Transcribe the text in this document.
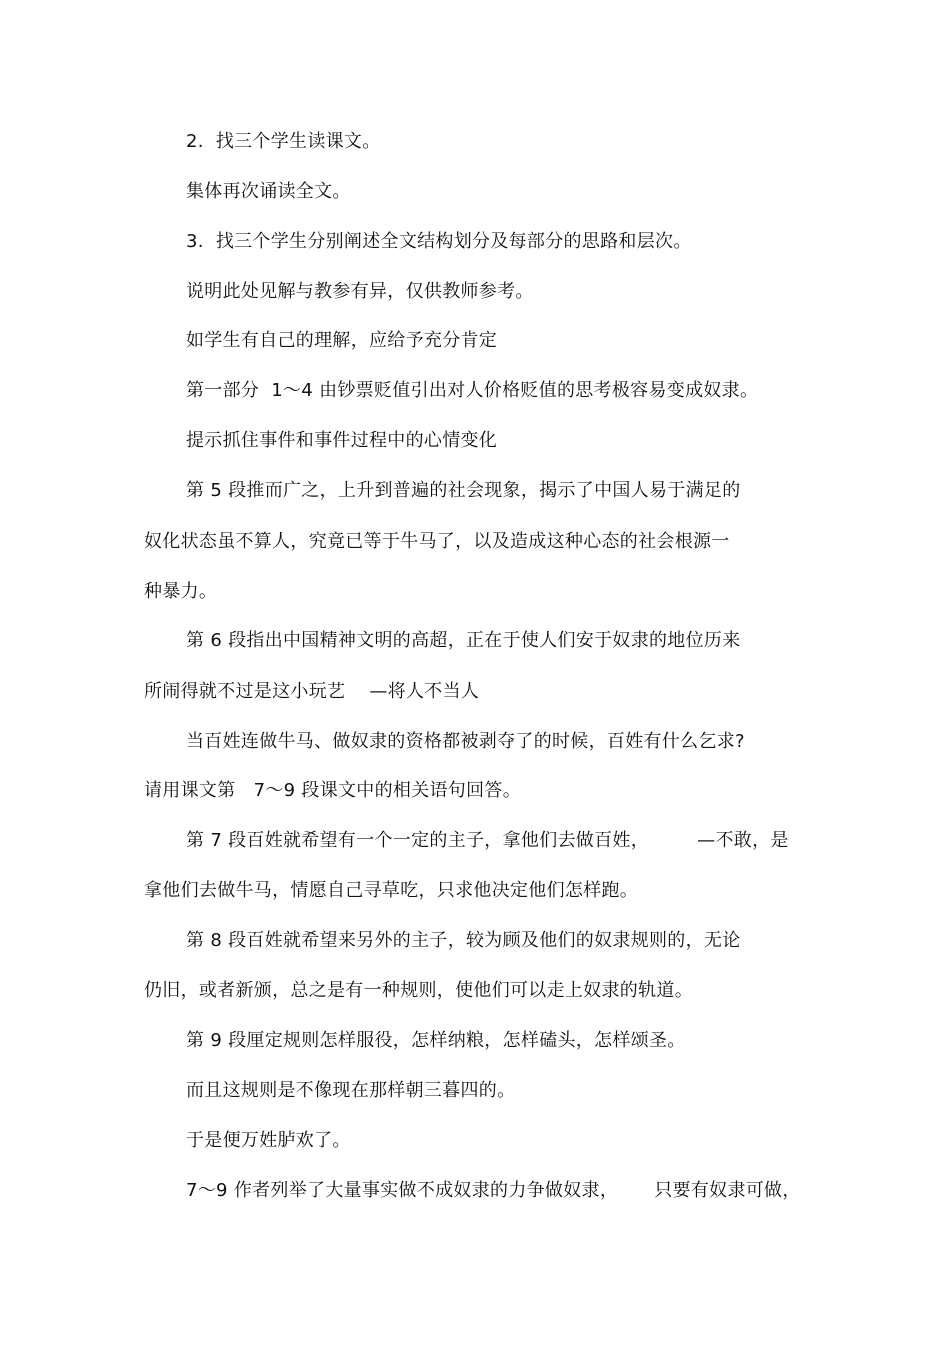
2.  找三个学生读课文。
集体再次诵读全文。
3.  找三个学生分别阐述全文结构划分及每部分的思路和层次。
说明此处见解与教参有异，仅供教师参考。
如学生有自己的理解，应给予充分肯定
第一部分  1～4 由钞票贬值引出对人价格贬值的思考极容易变成奴隶。
提示抓住事件和事件过程中的心情变化
第 5 段推而广之，上升到普遍的社会现象，揭示了中国人易于满足的
奴化状态虽不算人，究竟已等于牛马了，以及造成这种心态的社会根源一
种暴力。
第 6 段指出中国精神文明的高超，正在于使人们安于奴隶的地位历来
所闹得就不过是这小玩艺    —将人不当人
当百姓连做牛马、做奴隶的资格都被剥夺了的时候，百姓有什么乞求?
请用课文第   7～9 段课文中的相关语句回答。
第 7 段百姓就希望有一个一定的主子，拿他们去做百姓，        —不敢，是
拿他们去做牛马，情愿自己寻草吃，只求他决定他们怎样跑。
第 8 段百姓就希望来另外的主子，较为顾及他们的奴隶规则的，无论
仍旧，或者新颁，总之是有一种规则，使他们可以走上奴隶的轨道。
第 9 段厘定规则怎样服役，怎样纳粮，怎样磕头，怎样颂圣。
而且这规则是不像现在那样朝三暮四的。
于是便万姓胪欢了。
7～9 作者列举了大量事实做不成奴隶的力争做奴隶，      只要有奴隶可做，
